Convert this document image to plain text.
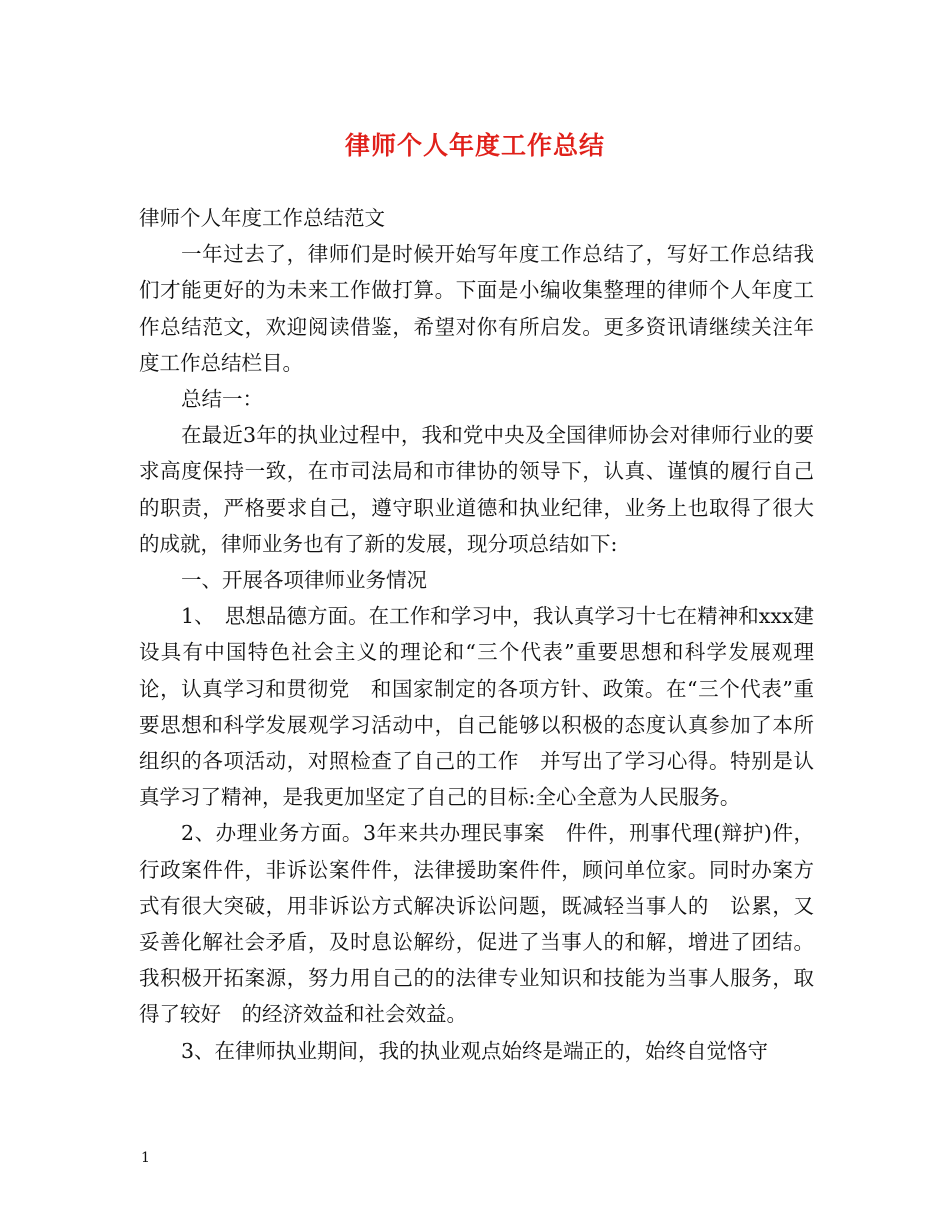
律师个人年度工作总结

律师个人年度工作总结范文

一年过去了，律师们是时候开始写年度工作总结了，写好工作总结我们才能更好的为未来工作做打算。下面是小编收集整理的律师个人年度工作总结范文，欢迎阅读借鉴，希望对你有所启发。更多资讯请继续关注年度工作总结栏目。

总结一：

在最近3年的执业过程中，我和党中央及全国律师协会对律师行业的要求高度保持一致，在市司法局和市律协的领导下，认真、谨慎的履行自己的职责，严格要求自己，遵守职业道德和执业纪律，业务上也取得了很大的成就，律师业务也有了新的发展，现分项总结如下:

一、开展各项律师业务情况

1、　思想品德方面。在工作和学习中，我认真学习十七在精神和xxx建设具有中国特色社会主义的理论和“三个代表”重要思想和科学发展观理论，认真学习和贯彻党　和国家制定的各项方针、政策。在“三个代表”重要思想和科学发展观学习活动中，自己能够以积极的态度认真参加了本所组织的各项活动，对照检查了自己的工作　并写出了学习心得。特别是认真学习了精神，是我更加坚定了自己的目标:全心全意为人民服务。

2、办理业务方面。3年来共办理民事案　件件，刑事代理(辩护)件，行政案件件，非诉讼案件件，法律援助案件件，顾问单位家。同时办案方式有很大突破，用非诉讼方式解决诉讼问题，既减轻当事人的　讼累，又妥善化解社会矛盾，及时息讼解纷，促进了当事人的和解，增进了团结。我积极开拓案源，努力用自己的的法律专业知识和技能为当事人服务，取得了较好　的经济效益和社会效益。

3、在律师执业期间，我的执业观点始终是端正的，始终自觉恪守

1
